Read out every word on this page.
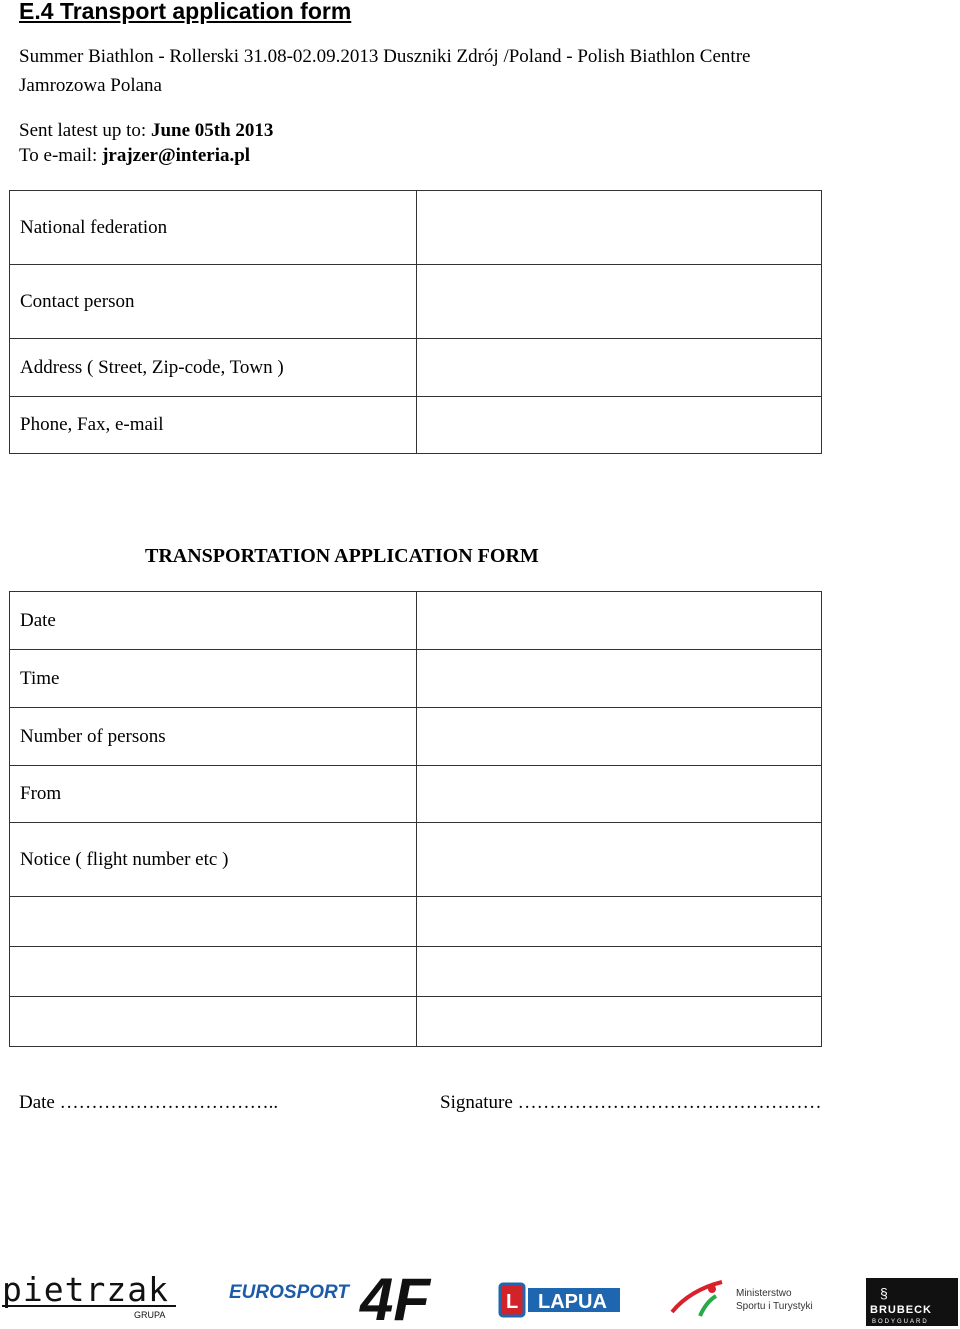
E.4 Transport application form
Summer Biathlon - Rollerski 31.08-02.09.2013 Duszniki Zdrój /Poland - Polish Biathlon Centre
Jamrozowa Polana
Sent latest up to: June 05th 2013
To e-mail: jrajzer@interia.pl
National federation	
Contact person	
Address ( Street, Zip-code, Town )	
Phone, Fax, e-mail	
TRANSPORTATION APPLICATION FORM
Date	
Time	
Number of persons	
From	
Notice ( flight number etc )	

Date ……………………………..	Signature …………………………………………
pietrzak
GRUPA
EUROSPORT 4F	L LAPUA	Ministerstwo
Sportu i Turystyki
§
BRUBECK
BODYGUARD
